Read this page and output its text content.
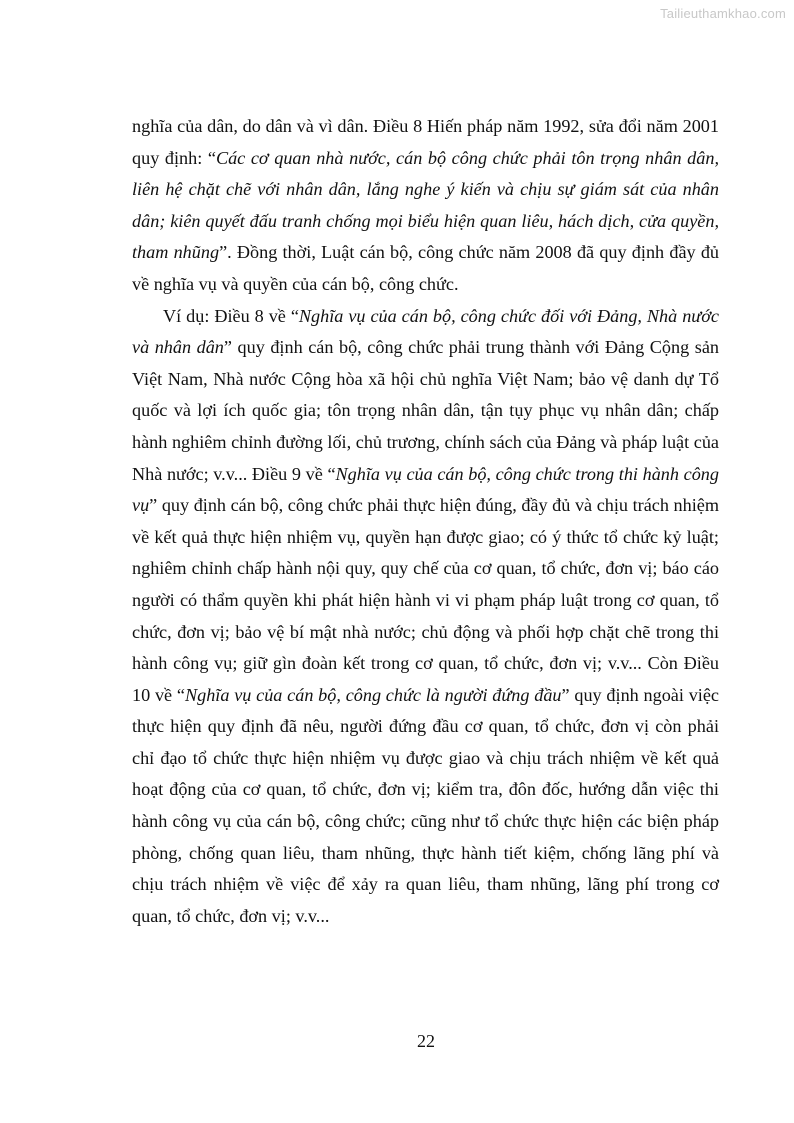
Tailieuthamkhao.com

nghĩa của dân, do dân và vì dân. Điều 8 Hiến pháp năm 1992, sửa đổi năm 2001 quy định: “Các cơ quan nhà nước, cán bộ công chức phải tôn trọng nhân dân, liên hệ chặt chẽ với nhân dân, lắng nghe ý kiến và chịu sự giám sát của nhân dân; kiên quyết đấu tranh chống mọi biểu hiện quan liêu, hách dịch, cửa quyền, tham nhũng”. Đồng thời, Luật cán bộ, công chức năm 2008 đã quy định đầy đủ về nghĩa vụ và quyền của cán bộ, công chức.

Ví dụ: Điều 8 về “Nghĩa vụ của cán bộ, công chức đối với Đảng, Nhà nước và nhân dân” quy định cán bộ, công chức phải trung thành với Đảng Cộng sản Việt Nam, Nhà nước Cộng hòa xã hội chủ nghĩa Việt Nam; bảo vệ danh dự Tổ quốc và lợi ích quốc gia; tôn trọng nhân dân, tận tụy phục vụ nhân dân; chấp hành nghiêm chỉnh đường lối, chủ trương, chính sách của Đảng và pháp luật của Nhà nước; v.v... Điều 9 về “Nghĩa vụ của cán bộ, công chức trong thi hành công vụ” quy định cán bộ, công chức phải thực hiện đúng, đầy đủ và chịu trách nhiệm về kết quả thực hiện nhiệm vụ, quyền hạn được giao; có ý thức tổ chức kỷ luật; nghiêm chỉnh chấp hành nội quy, quy chế của cơ quan, tổ chức, đơn vị; báo cáo người có thẩm quyền khi phát hiện hành vi vi phạm pháp luật trong cơ quan, tổ chức, đơn vị; bảo vệ bí mật nhà nước; chủ động và phối hợp chặt chẽ trong thi hành công vụ; giữ gìn đoàn kết trong cơ quan, tổ chức, đơn vị; v.v... Còn Điều 10 về “Nghĩa vụ của cán bộ, công chức là người đứng đầu” quy định ngoài việc thực hiện quy định đã nêu, người đứng đầu cơ quan, tổ chức, đơn vị còn phải chỉ đạo tổ chức thực hiện nhiệm vụ được giao và chịu trách nhiệm về kết quả hoạt động của cơ quan, tổ chức, đơn vị; kiểm tra, đôn đốc, hướng dẫn việc thi hành công vụ của cán bộ, công chức; cũng như tổ chức thực hiện các biện pháp phòng, chống quan liêu, tham nhũng, thực hành tiết kiệm, chống lãng phí và chịu trách nhiệm về việc để xảy ra quan liêu, tham nhũng, lãng phí trong cơ quan, tổ chức, đơn vị; v.v...

22
